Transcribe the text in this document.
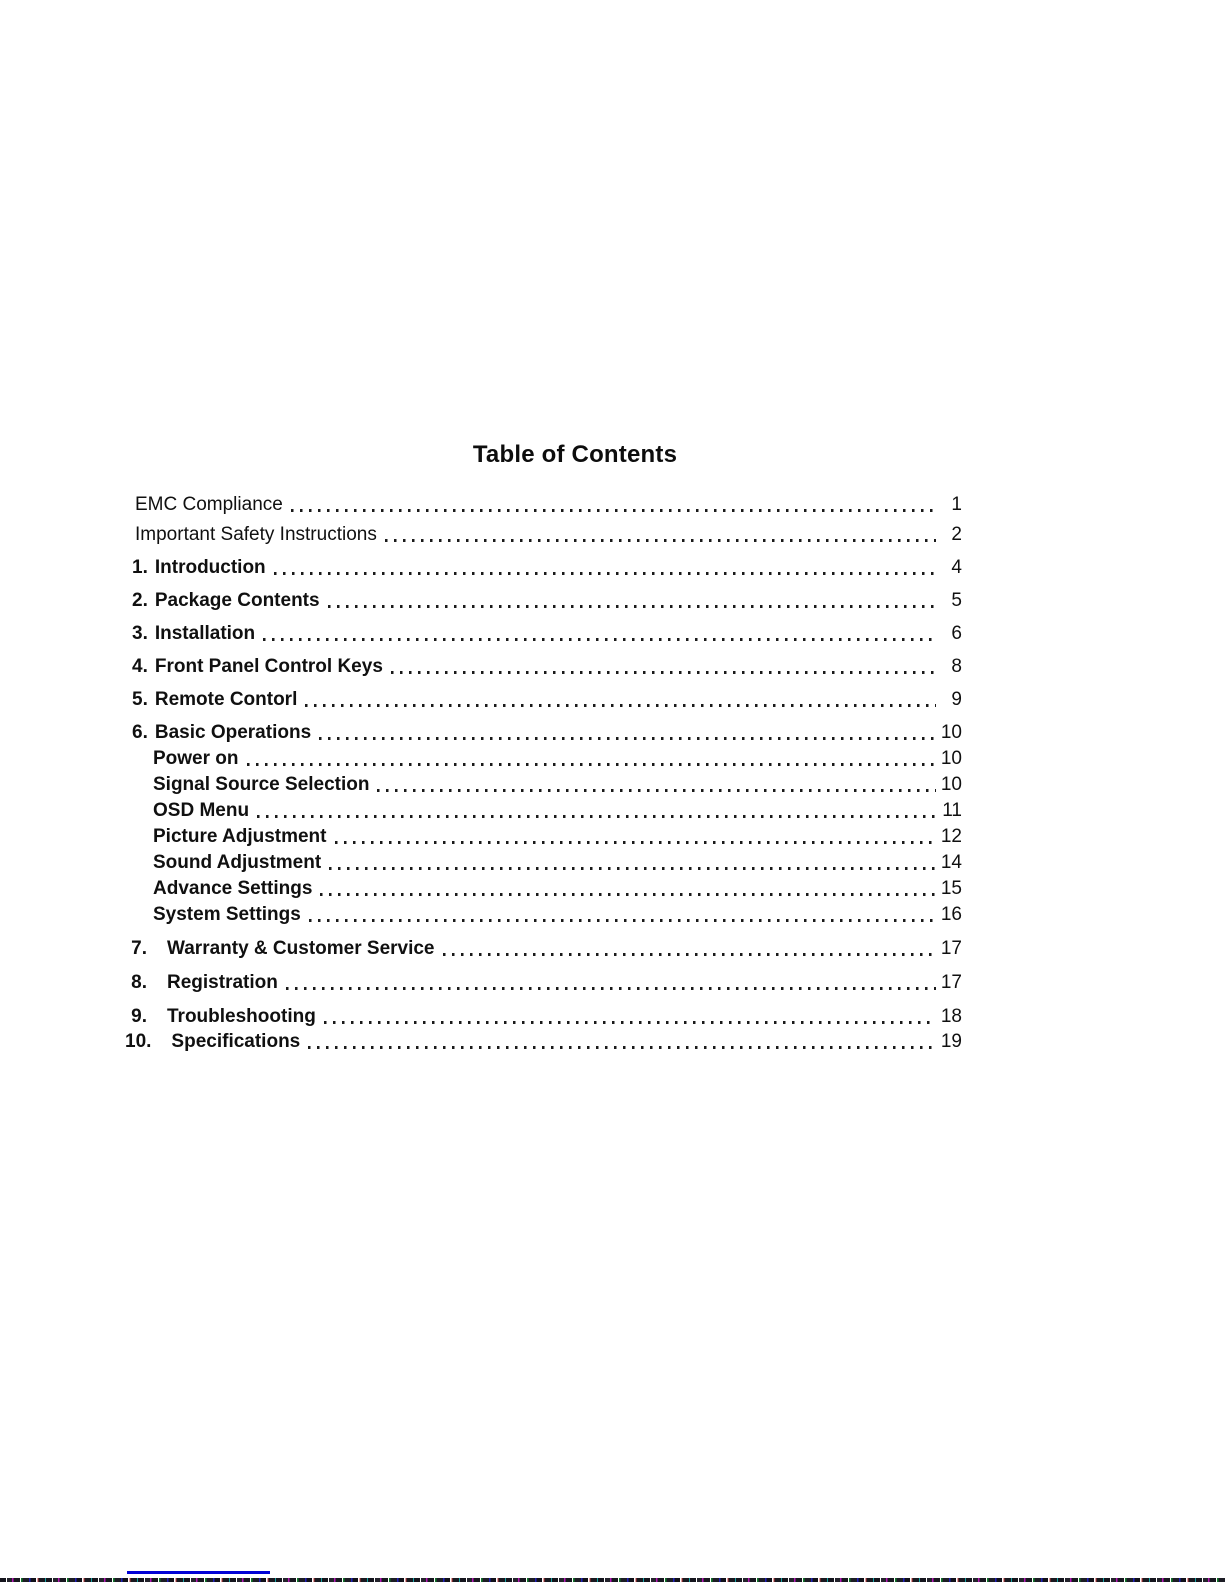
Table of Contents
EMC Compliance	1
Important Safety Instructions	2
1. Introduction	4
2. Package Contents	5
3. Installation	6
4. Front Panel Control Keys	8
5. Remote Contorl	9
6. Basic Operations	10
Power on	10
Signal Source Selection	10
OSD Menu	11
Picture Adjustment	12
Sound Adjustment	14
Advance Settings	15
System Settings	16
7. Warranty & Customer Service	17
8. Registration	17
9. Troubleshooting	18
10. Specifications	19
